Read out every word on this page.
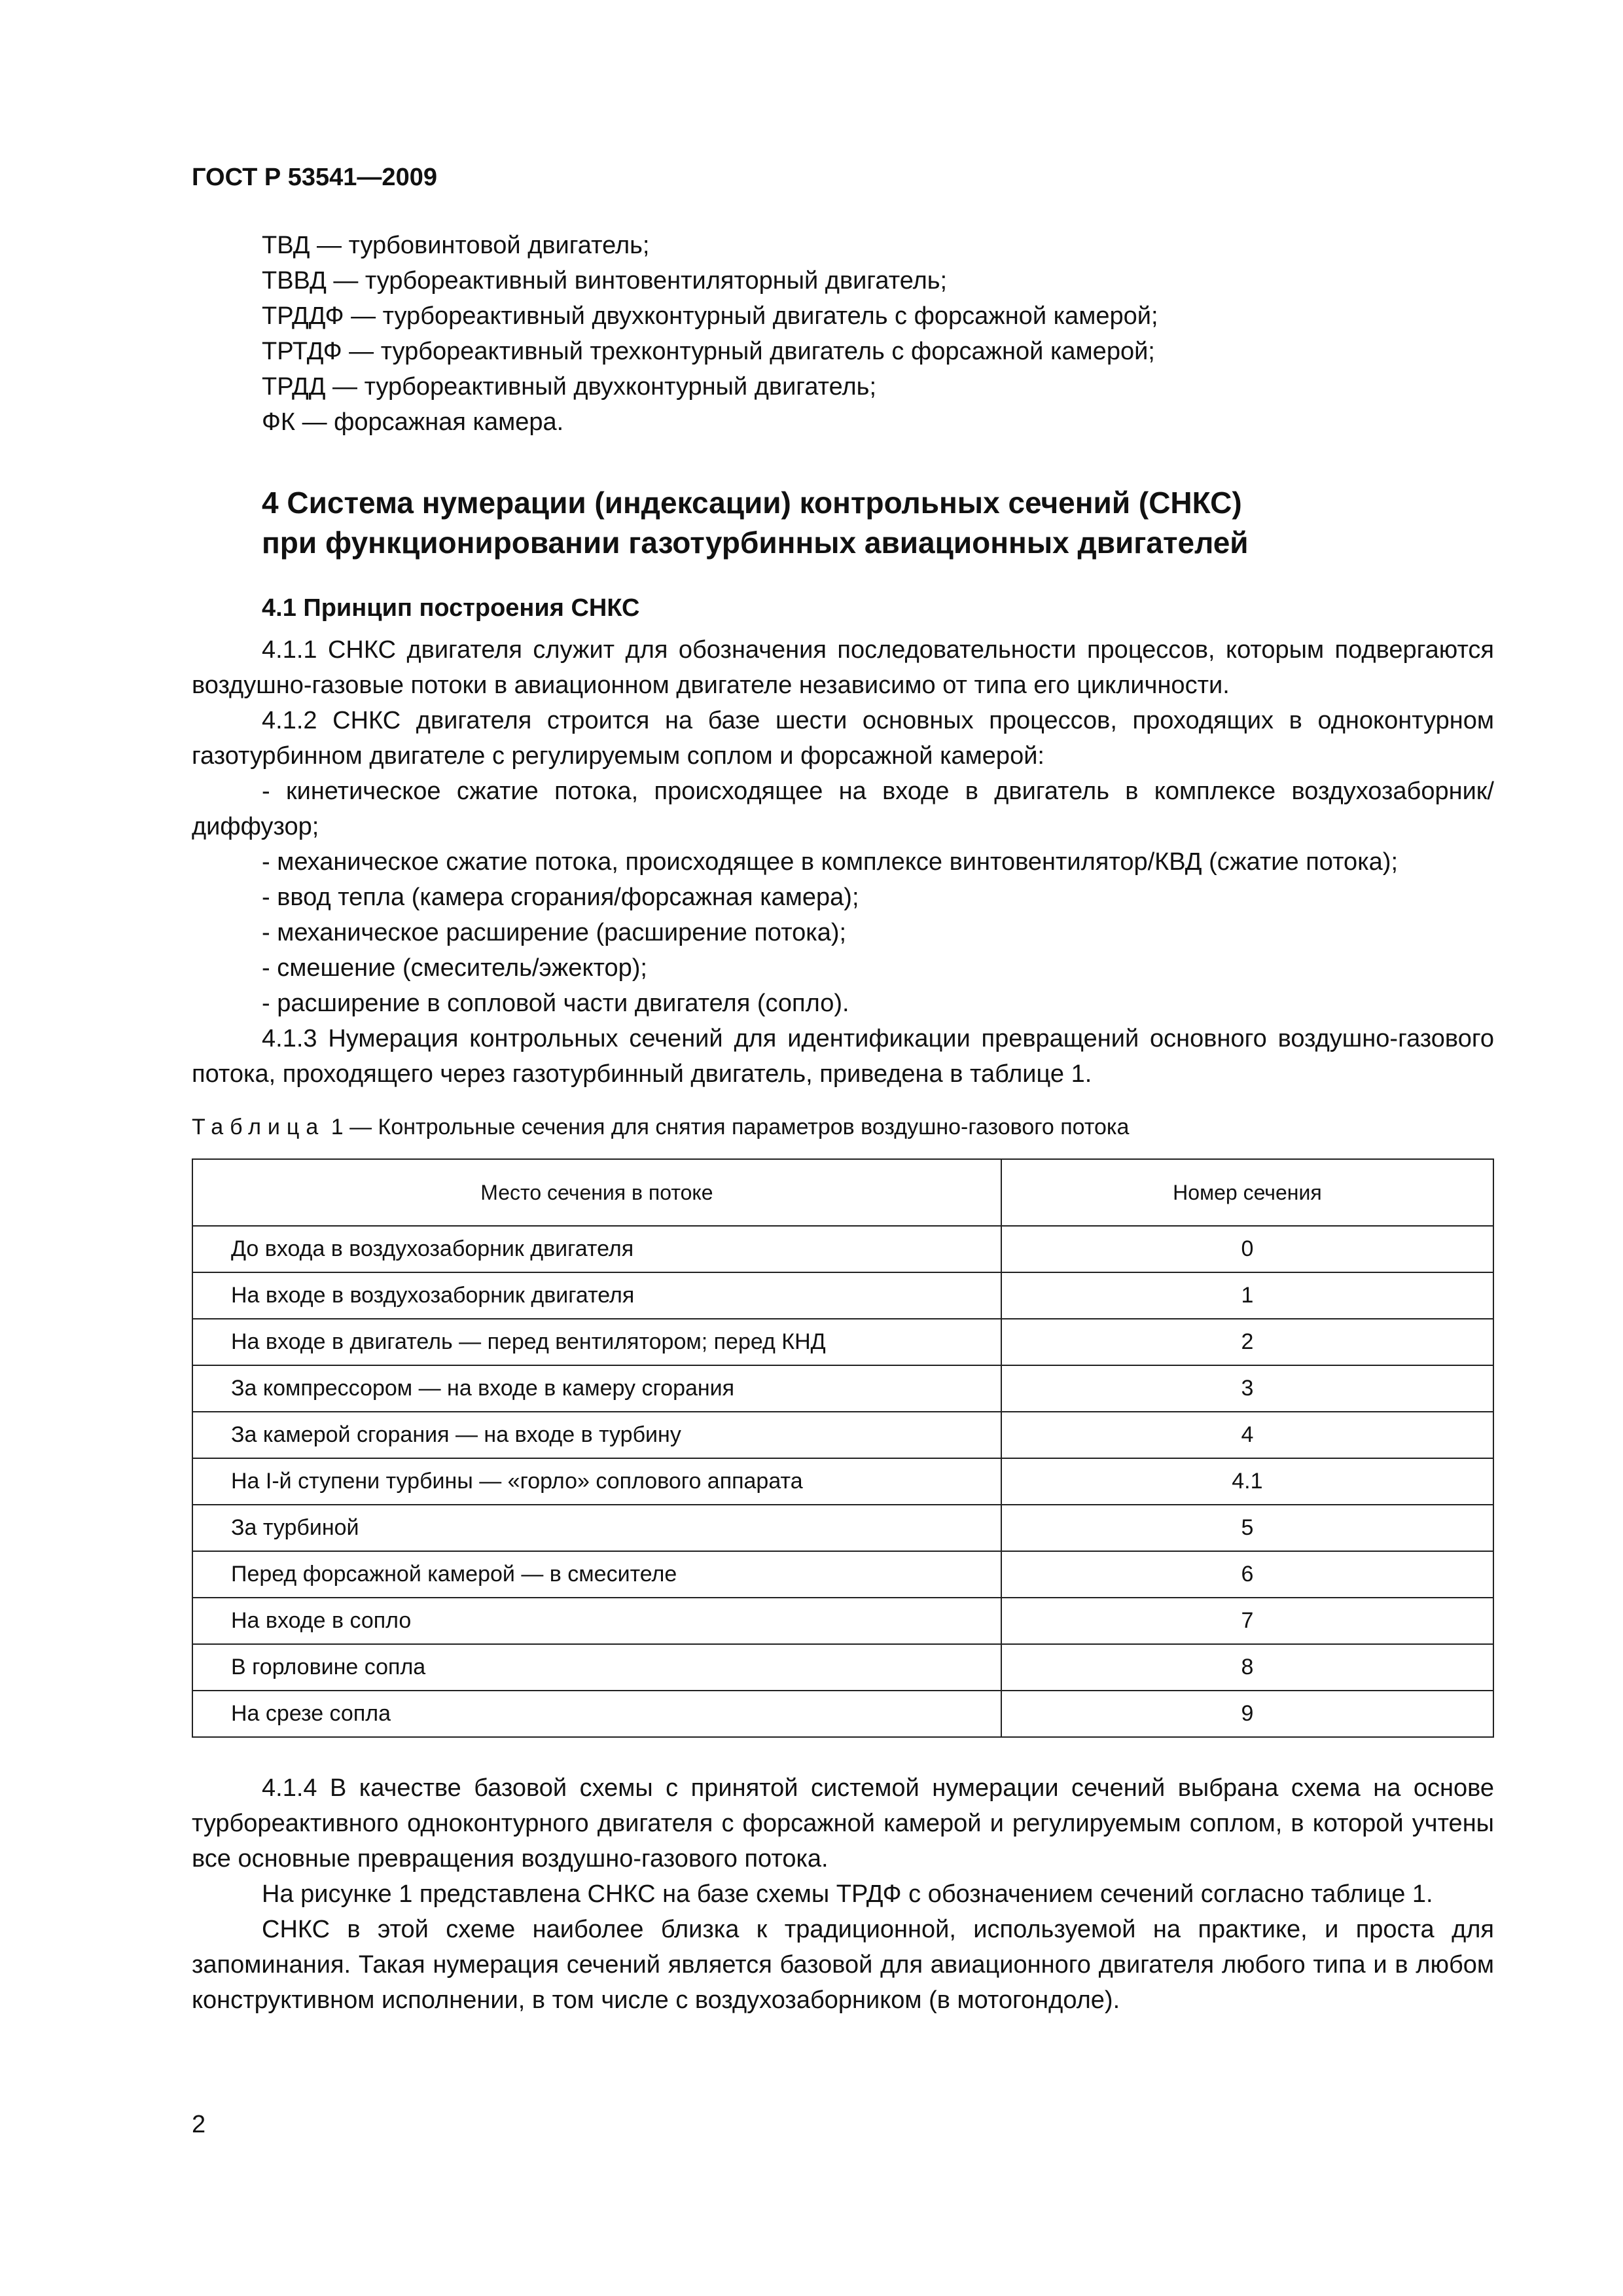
ГОСТ Р 53541—2009

ТВД — турбовинтовой двигатель;
ТВВД — турбореактивный винтовентиляторный двигатель;
ТРДДФ — турбореактивный двухконтурный двигатель с форсажной камерой;
ТРТДФ — турбореактивный трехконтурный двигатель с форсажной камерой;
ТРДД — турбореактивный двухконтурный двигатель;
ФК — форсажная камера.
4 Система нумерации (индексации) контрольных сечений (СНКС)
при функционировании газотурбинных авиационных двигателей
4.1 Принцип построения СНКС

4.1.1 СНКС двигателя служит для обозначения последовательности процессов, которым подвергаются воздушно-газовые потоки в авиационном двигателе независимо от типа его цикличности.

4.1.2 СНКС двигателя строится на базе шести основных процессов, проходящих в одноконтурном газотурбинном двигателе с регулируемым соплом и форсажной камерой:

- кинетическое сжатие потока, происходящее на входе в двигатель в комплексе воздухозаборник/диффузор;

- механическое сжатие потока, происходящее в комплексе винтовентилятор/КВД (сжатие потока);

- ввод тепла (камера сгорания/форсажная камера);

- механическое расширение (расширение потока);

- смешение (смеситель/эжектор);

- расширение в сопловой части двигателя (сопло).

4.1.3 Нумерация контрольных сечений для идентификации превращений основного воздушно-газового потока, проходящего через газотурбинный двигатель, приведена в таблице 1.

Таблица 1 — Контрольные сечения для снятия параметров воздушно-газового потока

Место сечения в потоке	Номер сечения
До входа в воздухозаборник двигателя	0
На входе в воздухозаборник двигателя	1
На входе в двигатель — перед вентилятором; перед КНД	2
За компрессором — на входе в камеру сгорания	3
За камерой сгорания — на входе в турбину	4
На I-й ступени турбины — «горло» соплового аппарата	4.1
За турбиной	5
Перед форсажной камерой — в смесителе	6
На входе в сопло	7
В горловине сопла	8
На срезе сопла	9

4.1.4 В качестве базовой схемы с принятой системой нумерации сечений выбрана схема на основе турбореактивного одноконтурного двигателя с форсажной камерой и регулируемым соплом, в которой учтены все основные превращения воздушно-газового потока.

На рисунке 1 представлена СНКС на базе схемы ТРДФ с обозначением сечений согласно таблице 1.

СНКС в этой схеме наиболее близка к традиционной, используемой на практике, и проста для запоминания. Такая нумерация сечений является базовой для авиационного двигателя любого типа и в любом конструктивном исполнении, в том числе с воздухозаборником (в мотогондоле).

2
